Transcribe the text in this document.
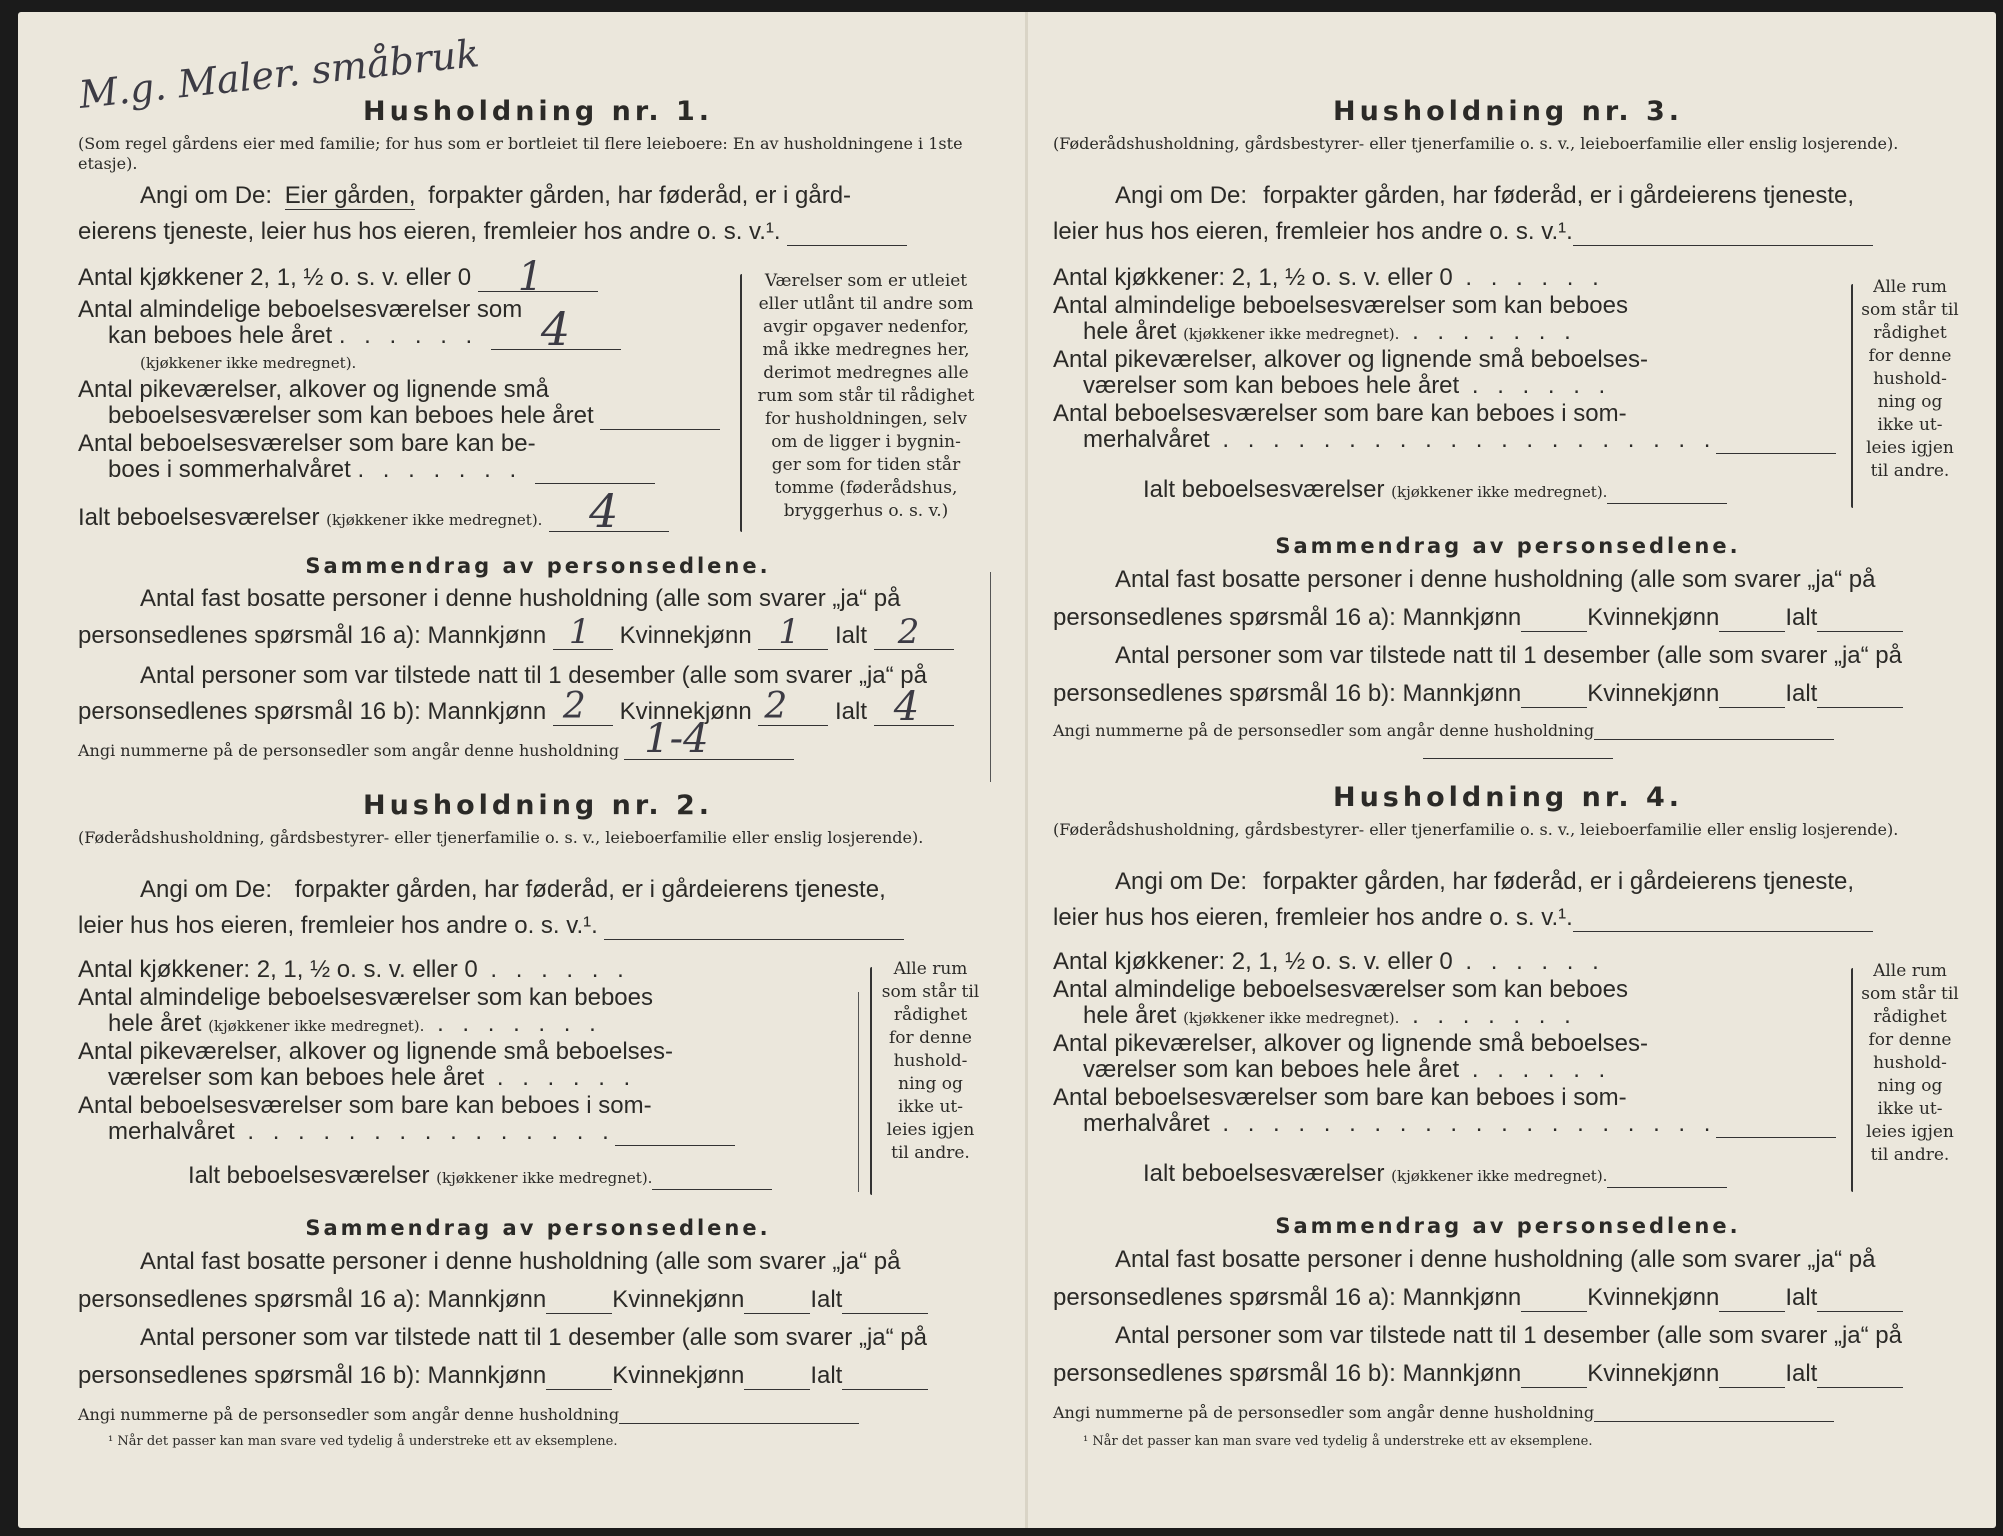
M.g. Maler. småbruk
Husholdning nr. 1.
(Som regel gårdens eier med familie; for hus som er bortleiet til flere leieboere: En av husholdningene i 1ste etasje).
Angi om De: Eier gården, forpakter gården, har føderåd, er i gård-
eierens tjeneste, leier hus hos eieren, fremleier hos andre o. s. v.¹.
Antal kjøkkener 2, 1, ½ o. s. v. eller 0 1
Antal almindelige beboelsesværelser som
kan beboes hele året . . . . . . 4
(kjøkkener ikke medregnet).
Antal pikeværelser, alkover og lignende små
beboelsesværelser som kan beboes hele året
Antal beboelsesværelser som bare kan be-
boes i sommerhalvåret . . . . . . .
Ialt beboelsesværelser (kjøkkener ikke medregnet). 4
Værelser som er utleiet
eller utlånt til andre som
avgir opgaver nedenfor,
må ikke medregnes her,
derimot medregnes alle
rum som står til rådighet
for husholdningen, selv
om de ligger i bygnin-
ger som for tiden står
tomme (føderådshus,
bryggerhus o. s. v.)
Sammendrag av personsedlene.
Antal fast bosatte personer i denne husholdning (alle som svarer „ja“ på
personsedlenes spørsmål 16 a): Mannkjønn 1 Kvinnekjønn 1 Ialt 2
Antal personer som var tilstede natt til 1 desember (alle som svarer „ja“ på
personsedlenes spørsmål 16 b): Mannkjønn 2 Kvinnekjønn 2 Ialt 4
Angi nummerne på de personsedler som angår denne husholdning 1-4
Husholdning nr. 2.
(Føderådshusholdning, gårdsbestyrer- eller tjenerfamilie o. s. v., leieboerfamilie eller enslig losjerende).
Angi om De: forpakter gården, har føderåd, er i gårdeierens tjeneste,
leier hus hos eieren, fremleier hos andre o. s. v.¹.
Antal kjøkkener: 2, 1, ½ o. s. v. eller 0 . . . . . .
Antal almindelige beboelsesværelser som kan beboes
hele året (kjøkkener ikke medregnet). . . . . . . .
Antal pikeværelser, alkover og lignende små beboelses-
værelser som kan beboes hele året . . . . . .
Antal beboelsesværelser som bare kan beboes i som-
merhalvåret . . . . . . . . . . . . . . .
Ialt beboelsesværelser (kjøkkener ikke medregnet).
Alle rum
som står til
rådighet
for denne
hushold-
ning og
ikke ut-
leies igjen
til andre.
Sammendrag av personsedlene.
Antal fast bosatte personer i denne husholdning (alle som svarer „ja“ på
personsedlenes spørsmål 16 a): Mannkjønn	Kvinnekjønn	Ialt
Antal personer som var tilstede natt til 1 desember (alle som svarer „ja“ på
personsedlenes spørsmål 16 b): Mannkjønn	Kvinnekjønn	Ialt
Angi nummerne på de personsedler som angår denne husholdning
¹ Når det passer kan man svare ved tydelig å understreke ett av eksemplene.
Husholdning nr. 3.
(Føderådshusholdning, gårdsbestyrer- eller tjenerfamilie o. s. v., leieboerfamilie eller enslig losjerende).
Angi om De: forpakter gården, har føderåd, er i gårdeierens tjeneste,
leier hus hos eieren, fremleier hos andre o. s. v.¹.
Antal kjøkkener: 2, 1, ½ o. s. v. eller 0 . . . . . .
Antal almindelige beboelsesværelser som kan beboes
hele året (kjøkkener ikke medregnet). . . . . . . .
Antal pikeværelser, alkover og lignende små beboelses-
værelser som kan beboes hele året . . . . . .
Antal beboelsesværelser som bare kan beboes i som-
merhalvåret . . . . . . . . . . . . . . . . . . . .
Ialt beboelsesværelser (kjøkkener ikke medregnet).
Alle rum
som står til
rådighet
for denne
hushold-
ning og
ikke ut-
leies igjen
til andre.
Sammendrag av personsedlene.
Antal fast bosatte personer i denne husholdning (alle som svarer „ja“ på
personsedlenes spørsmål 16 a): Mannkjønn	Kvinnekjønn	Ialt
Antal personer som var tilstede natt til 1 desember (alle som svarer „ja“ på
personsedlenes spørsmål 16 b): Mannkjønn	Kvinnekjønn	Ialt
Angi nummerne på de personsedler som angår denne husholdning
Husholdning nr. 4.
(Føderådshusholdning, gårdsbestyrer- eller tjenerfamilie o. s. v., leieboerfamilie eller enslig losjerende).
Angi om De: forpakter gården, har føderåd, er i gårdeierens tjeneste,
leier hus hos eieren, fremleier hos andre o. s. v.¹.
Antal kjøkkener: 2, 1, ½ o. s. v. eller 0 . . . . . .
Antal almindelige beboelsesværelser som kan beboes
hele året (kjøkkener ikke medregnet). . . . . . . .
Antal pikeværelser, alkover og lignende små beboelses-
værelser som kan beboes hele året . . . . . .
Antal beboelsesværelser som bare kan beboes i som-
merhalvåret . . . . . . . . . . . . . . . . . . . .
Ialt beboelsesværelser (kjøkkener ikke medregnet).
Alle rum
som står til
rådighet
for denne
hushold-
ning og
ikke ut-
leies igjen
til andre.
Sammendrag av personsedlene.
Antal fast bosatte personer i denne husholdning (alle som svarer „ja“ på
personsedlenes spørsmål 16 a): Mannkjønn	Kvinnekjønn	Ialt
Antal personer som var tilstede natt til 1 desember (alle som svarer „ja“ på
personsedlenes spørsmål 16 b): Mannkjønn	Kvinnekjønn	Ialt
Angi nummerne på de personsedler som angår denne husholdning
¹ Når det passer kan man svare ved tydelig å understreke ett av eksemplene.
